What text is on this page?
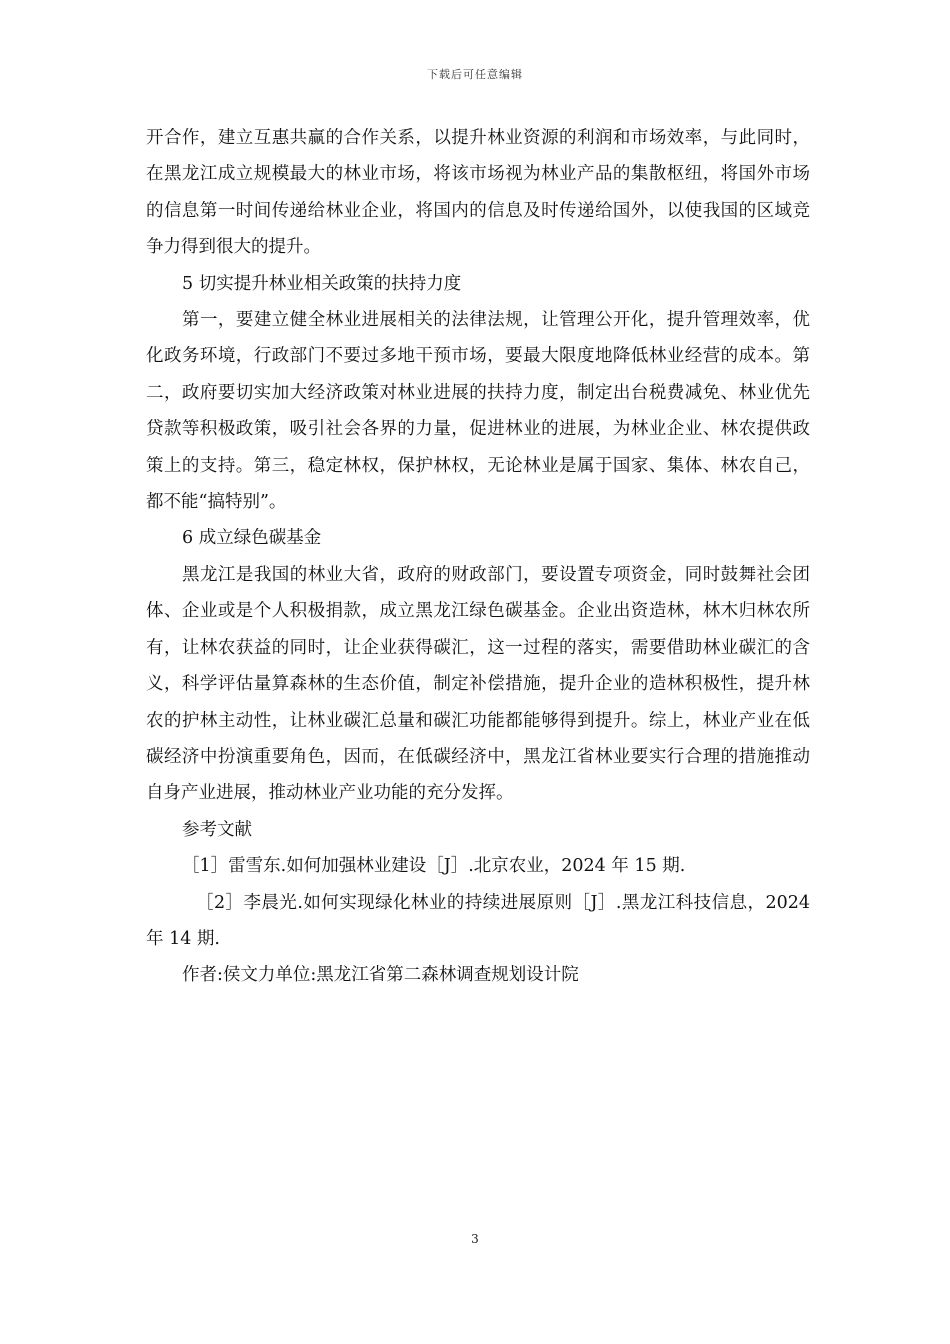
下载后可任意编辑

开合作，建立互惠共赢的合作关系，以提升林业资源的利润和市场效率，与此同时，在黑龙江成立规模最大的林业市场，将该市场视为林业产品的集散枢纽，将国外市场的信息第一时间传递给林业企业，将国内的信息及时传递给国外，以使我国的区域竞争力得到很大的提升。

5 切实提升林业相关政策的扶持力度

第一，要建立健全林业进展相关的法律法规，让管理公开化，提升管理效率，优化政务环境，行政部门不要过多地干预市场，要最大限度地降低林业经营的成本。第二，政府要切实加大经济政策对林业进展的扶持力度，制定出台税费减免、林业优先贷款等积极政策，吸引社会各界的力量，促进林业的进展，为林业企业、林农提供政策上的支持。第三，稳定林权，保护林权，无论林业是属于国家、集体、林农自己，都不能“搞特别”。

6 成立绿色碳基金

黑龙江是我国的林业大省，政府的财政部门，要设置专项资金，同时鼓舞社会团体、企业或是个人积极捐款，成立黑龙江绿色碳基金。企业出资造林，林木归林农所有，让林农获益的同时，让企业获得碳汇，这一过程的落实，需要借助林业碳汇的含义，科学评估量算森林的生态价值，制定补偿措施，提升企业的造林积极性，提升林农的护林主动性，让林业碳汇总量和碳汇功能都能够得到提升。综上，林业产业在低碳经济中扮演重要角色，因而，在低碳经济中，黑龙江省林业要实行合理的措施推动自身产业进展，推动林业产业功能的充分发挥。

参考文献

［1］雷雪东.如何加强林业建设［J］.北京农业，2024 年 15 期.

［2］李晨光.如何实现绿化林业的持续进展原则［J］.黑龙江科技信息，2024 年 14 期.

作者:侯文力单位:黑龙江省第二森林调查规划设计院

3
